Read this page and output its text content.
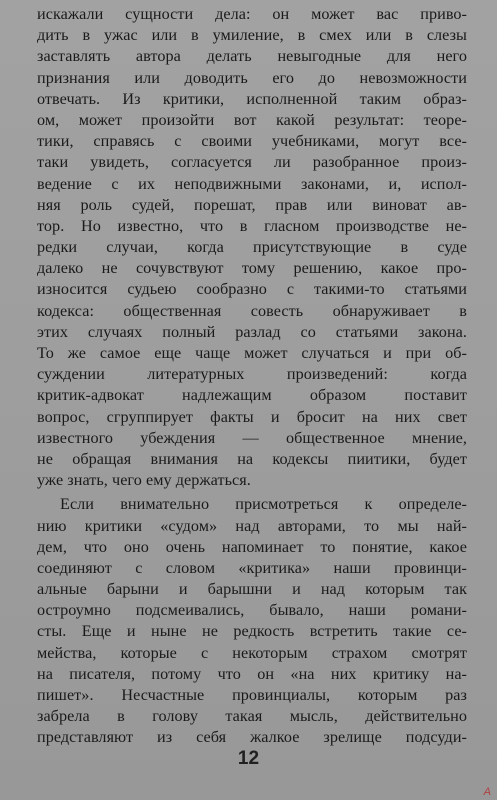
искажали сущности дела: он может вас приво-
дить в ужас или в умиление, в смех или в слезы
заставлять автора делать невыгодные для него
признания или доводить его до невозможности
отвечать. Из критики, исполненной таким образ-
ом, может произойти вот какой результат: теоре-
тики, справясь с своими учебниками, могут все-
таки увидеть, согласуется ли разобранное произ-
ведение с их неподвижными законами, и, испол-
няя роль судей, порешат, прав или виноват ав-
тор. Но известно, что в гласном производстве не-
редки случаи, когда присутствующие в суде
далеко не сочувствуют тому решению, какое про-
износится судьею сообразно с такими-то статьями
кодекса: общественная совесть обнаруживает в
этих случаях полный разлад со статьями закона.
То же самое еще чаще может случаться и при об-
суждении литературных произведений: когда
критик-адвокат надлежащим образом поставит
вопрос, сгруппирует факты и бросит на них свет
известного убеждения — общественное мнение,
не обращая внимания на кодексы пиитики, будет
уже знать, чего ему держаться.
Если внимательно присмотреться к определе-
нию критики «судом» над авторами, то мы най-
дем, что оно очень напоминает то понятие, какое
соединяют с словом «критика» наши провинци-
альные барыни и барышни и над которым так
остроумно подсмеивались, бывало, наши романи-
сты. Еще и ныне не редкость встретить такие се-
мейства, которые с некоторым страхом смотрят
на писателя, потому что он «на них критику на-
пишет». Несчастные провинциалы, которым раз
забрела в голову такая мысль, действительно
представляют из себя жалкое зрелище подсуди-
12
А
